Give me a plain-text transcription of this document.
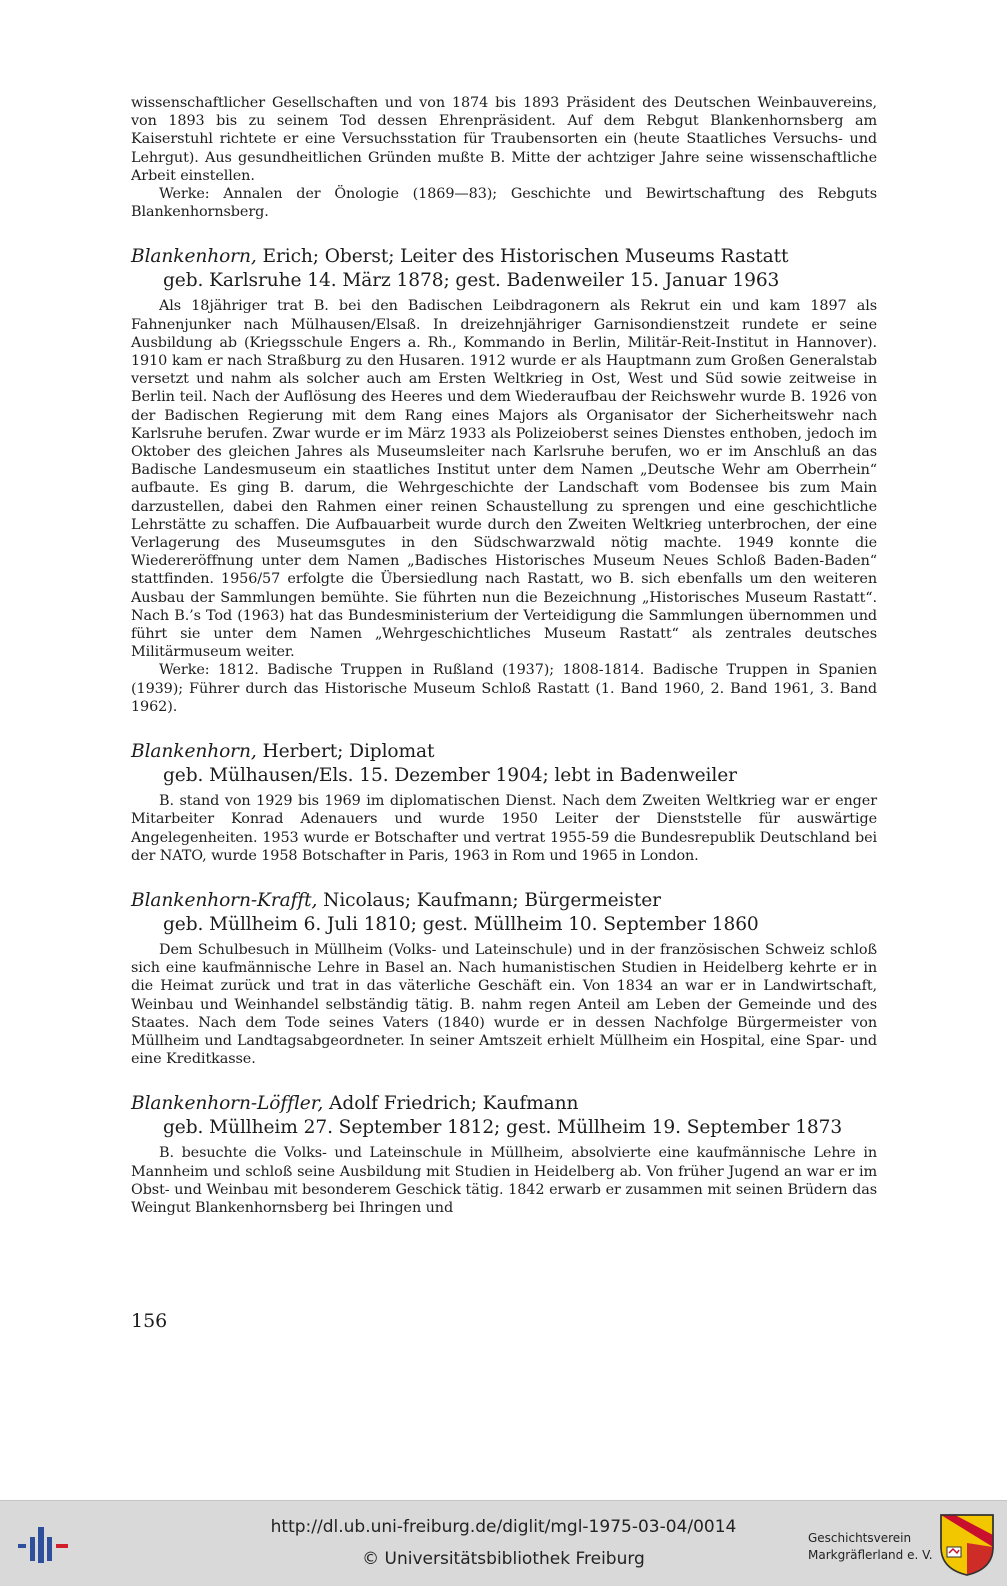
wissenschaftlicher Gesellschaften und von 1874 bis 1893 Präsident des Deutschen Weinbauvereins, von 1893 bis zu seinem Tod dessen Ehrenpräsident. Auf dem Rebgut Blankenhornsberg am Kaiserstuhl richtete er eine Versuchsstation für Traubensorten ein (heute Staatliches Versuchs- und Lehrgut). Aus gesundheitlichen Gründen mußte B. Mitte der achtziger Jahre seine wissenschaftliche Arbeit einstellen.

Werke: Annalen der Önologie (1869—83); Geschichte und Bewirtschaftung des Rebguts Blankenhornsberg.

Blankenhorn, Erich; Oberst; Leiter des Historischen Museums Rastatt

geb. Karlsruhe 14. März 1878; gest. Badenweiler 15. Januar 1963

Als 18jähriger trat B. bei den Badischen Leibdragonern als Rekrut ein und kam 1897 als Fahnenjunker nach Mülhausen/Elsaß. In dreizehnjähriger Garnisondienstzeit rundete er seine Ausbildung ab (Kriegsschule Engers a. Rh., Kommando in Berlin, Militär-Reit-Institut in Hannover). 1910 kam er nach Straßburg zu den Husaren. 1912 wurde er als Hauptmann zum Großen Generalstab versetzt und nahm als solcher auch am Ersten Weltkrieg in Ost, West und Süd sowie zeitweise in Berlin teil. Nach der Auflösung des Heeres und dem Wiederaufbau der Reichswehr wurde B. 1926 von der Badischen Regierung mit dem Rang eines Majors als Organisator der Sicherheitswehr nach Karlsruhe berufen. Zwar wurde er im März 1933 als Polizeioberst seines Dienstes enthoben, jedoch im Oktober des gleichen Jahres als Museumsleiter nach Karlsruhe berufen, wo er im Anschluß an das Badische Landesmuseum ein staatliches Institut unter dem Namen „Deutsche Wehr am Oberrhein“ aufbaute. Es ging B. darum, die Wehrgeschichte der Landschaft vom Bodensee bis zum Main darzustellen, dabei den Rahmen einer reinen Schaustellung zu sprengen und eine geschichtliche Lehrstätte zu schaffen. Die Aufbauarbeit wurde durch den Zweiten Weltkrieg unterbrochen, der eine Verlagerung des Museumsgutes in den Südschwarzwald nötig machte. 1949 konnte die Wiedereröffnung unter dem Namen „Badisches Historisches Museum Neues Schloß Baden-Baden“ stattfinden. 1956/57 erfolgte die Übersiedlung nach Rastatt, wo B. sich ebenfalls um den weiteren Ausbau der Sammlungen bemühte. Sie führten nun die Bezeichnung „Historisches Museum Rastatt“. Nach B.’s Tod (1963) hat das Bundesministerium der Verteidigung die Sammlungen übernommen und führt sie unter dem Namen „Wehrgeschichtliches Museum Rastatt“ als zentrales deutsches Militärmuseum weiter.

Werke: 1812. Badische Truppen in Rußland (1937); 1808-1814. Badische Truppen in Spanien (1939); Führer durch das Historische Museum Schloß Rastatt (1. Band 1960, 2. Band 1961, 3. Band 1962).

Blankenhorn, Herbert; Diplomat

geb. Mülhausen/Els. 15. Dezember 1904; lebt in Badenweiler

B. stand von 1929 bis 1969 im diplomatischen Dienst. Nach dem Zweiten Weltkrieg war er enger Mitarbeiter Konrad Adenauers und wurde 1950 Leiter der Dienststelle für auswärtige Angelegenheiten. 1953 wurde er Botschafter und vertrat 1955-59 die Bundesrepublik Deutschland bei der NATO, wurde 1958 Botschafter in Paris, 1963 in Rom und 1965 in London.

Blankenhorn-Krafft, Nicolaus; Kaufmann; Bürgermeister

geb. Müllheim 6. Juli 1810; gest. Müllheim 10. September 1860

Dem Schulbesuch in Müllheim (Volks- und Lateinschule) und in der französischen Schweiz schloß sich eine kaufmännische Lehre in Basel an. Nach humanistischen Studien in Heidelberg kehrte er in die Heimat zurück und trat in das väterliche Geschäft ein. Von 1834 an war er in Landwirtschaft, Weinbau und Weinhandel selbständig tätig. B. nahm regen Anteil am Leben der Gemeinde und des Staates. Nach dem Tode seines Vaters (1840) wurde er in dessen Nachfolge Bürgermeister von Müllheim und Landtagsabgeordneter. In seiner Amtszeit erhielt Müllheim ein Hospital, eine Spar- und eine Kreditkasse.

Blankenhorn-Löffler, Adolf Friedrich; Kaufmann

geb. Müllheim 27. September 1812; gest. Müllheim 19. September 1873

B. besuchte die Volks- und Lateinschule in Müllheim, absolvierte eine kaufmännische Lehre in Mannheim und schloß seine Ausbildung mit Studien in Heidelberg ab. Von früher Jugend an war er im Obst- und Weinbau mit besonderem Geschick tätig. 1842 erwarb er zusammen mit seinen Brüdern das Weingut Blankenhornsberg bei Ihringen und

156
http://dl.ub.uni-freiburg.de/diglit/mgl-1975-03-04/0014
© Universitätsbibliothek Freiburg
Geschichtsverein
Markgräflerland e. V.
